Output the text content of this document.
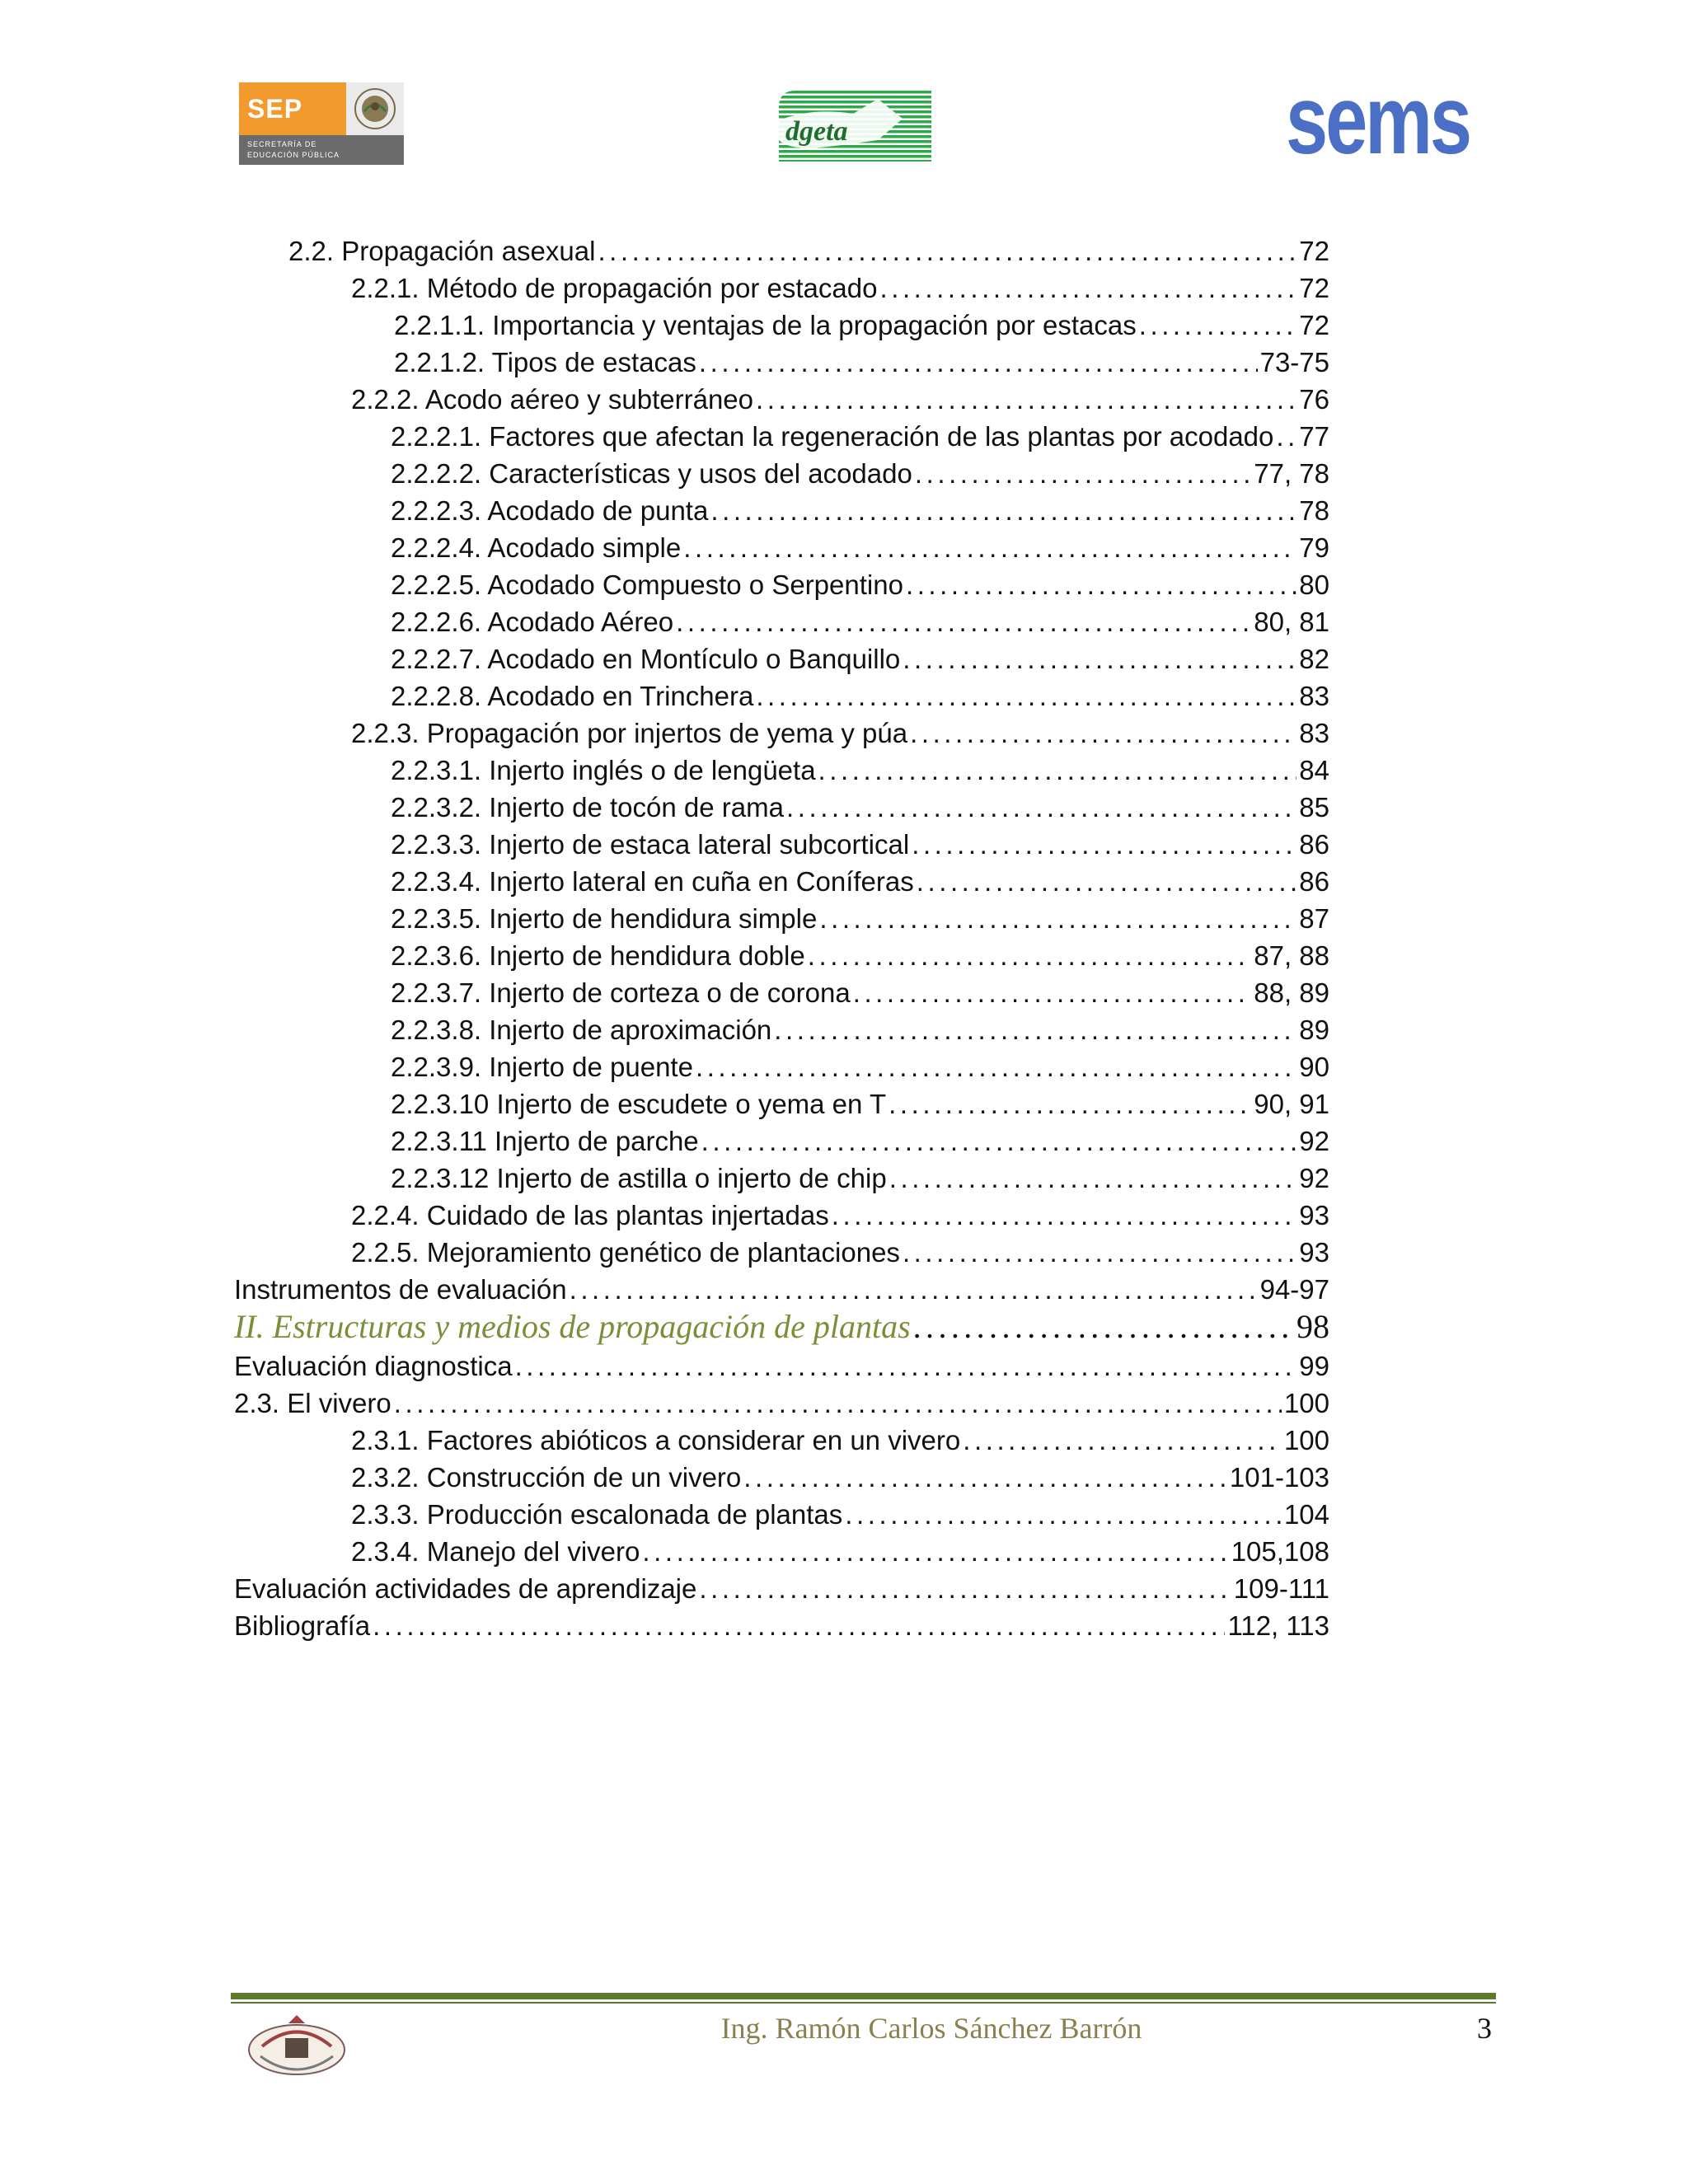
SEP
SECRETARÍA DE
EDUCACIÓN PÚBLICA
dgeta	sems
2.2. Propagación asexual . . .	72
2.2.1. Método de propagación por estacado . . .	72
2.2.1.1. Importancia y ventajas de la propagación por estacas . . .	72
2.2.1.2. Tipos de estacas . . .	73-75
2.2.2. Acodo aéreo y subterráneo . . .	76
2.2.2.1. Factores que afectan la regeneración de las plantas por acodado . . . 77
2.2.2.2. Características y usos del acodado . . .	77, 78
2.2.2.3. Acodado de punta . . .	78
2.2.2.4. Acodado simple . . .	79
2.2.2.5. Acodado Compuesto o Serpentino . . .	80
2.2.2.6. Acodado Aéreo . . .	80, 81
2.2.2.7. Acodado en Montículo o Banquillo . . .	82
2.2.2.8. Acodado en Trinchera . . .	83
2.2.3. Propagación por injertos de yema y púa . . .	83
2.2.3.1. Injerto inglés o de lengüeta . . .	84
2.2.3.2. Injerto de tocón de rama . . .	85
2.2.3.3. Injerto de estaca lateral subcortical . . .	86
2.2.3.4. Injerto lateral en cuña en Coníferas . . .	86
2.2.3.5. Injerto de hendidura simple . . .	87
2.2.3.6. Injerto de hendidura doble . . .	87, 88
2.2.3.7. Injerto de corteza o de corona . . .	88, 89
2.2.3.8. Injerto de aproximación . . .	89
2.2.3.9. Injerto de puente . . .	90
2.2.3.10 Injerto de escudete o yema en T . . .	90, 91
2.2.3.11 Injerto de parche . . .	92
2.2.3.12 Injerto de astilla o injerto de chip . . .	92
2.2.4. Cuidado de las plantas injertadas . . .	93
2.2.5. Mejoramiento genético de plantaciones . . .	93
Instrumentos de evaluación . . .	94-97
II. Estructuras y medios de propagación de plantas . . .	98
Evaluación diagnostica . . .	99
2.3. El vivero . . .	100
2.3.1. Factores abióticos a considerar en un vivero . . .	100
2.3.2. Construcción de un vivero . . .	101-103
2.3.3. Producción escalonada de plantas . . .	104
2.3.4. Manejo del vivero . . .	105,108
Evaluación actividades de aprendizaje . . .	109-111
Bibliografía . . .	112, 113
Ing. Ramón Carlos Sánchez Barrón	3
